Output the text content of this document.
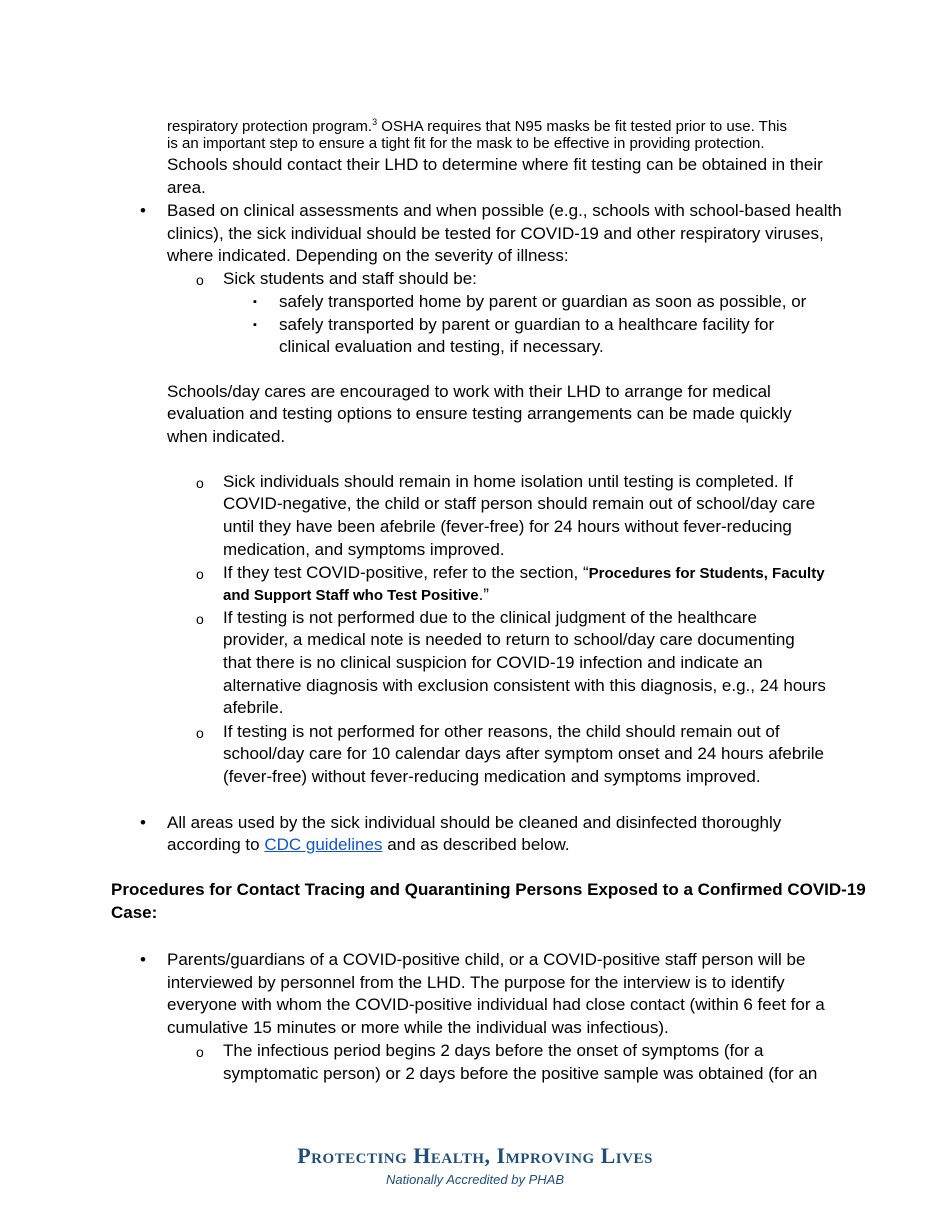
respiratory protection program.$^3$ OSHA requires that N95 masks be fit tested prior to use. This
is an important step to ensure a tight fit for the mask to be effective in providing protection.
Schools should contact their LHD to determine where fit testing can be obtained in their
area.
• Based on clinical assessments and when possible (e.g., schools with school-based health
clinics), the sick individual should be tested for COVID-19 and other respiratory viruses,
where indicated. Depending on the severity of illness:
o Sick students and staff should be:
▪ safely transported home by parent or guardian as soon as possible, or
▪ safely transported by parent or guardian to a healthcare facility for
clinical evaluation and testing, if necessary.
Schools/day cares are encouraged to work with their LHD to arrange for medical
evaluation and testing options to ensure testing arrangements can be made quickly
when indicated.
o Sick individuals should remain in home isolation until testing is completed. If
COVID-negative, the child or staff person should remain out of school/day care
until they have been afebrile (fever-free) for 24 hours without fever-reducing
medication, and symptoms improved.
o If they test COVID-positive, refer to the section, “Procedures for Students, Faculty
and Support Staff who Test Positive.”
o If testing is not performed due to the clinical judgment of the healthcare
provider, a medical note is needed to return to school/day care documenting
that there is no clinical suspicion for COVID-19 infection and indicate an
alternative diagnosis with exclusion consistent with this diagnosis, e.g., 24 hours
afebrile.
o If testing is not performed for other reasons, the child should remain out of
school/day care for 10 calendar days after symptom onset and 24 hours afebrile
(fever-free) without fever-reducing medication and symptoms improved.
• All areas used by the sick individual should be cleaned and disinfected thoroughly
according to CDC guidelines and as described below.
Procedures for Contact Tracing and Quarantining Persons Exposed to a Confirmed COVID-19
Case:
• Parents/guardians of a COVID-positive child, or a COVID-positive staff person will be
interviewed by personnel from the LHD. The purpose for the interview is to identify
everyone with whom the COVID-positive individual had close contact (within 6 feet for a
cumulative 15 minutes or more while the individual was infectious).
o The infectious period begins 2 days before the onset of symptoms (for a
symptomatic person) or 2 days before the positive sample was obtained (for an
Protecting Health, Improving Lives
Nationally Accredited by PHAB
